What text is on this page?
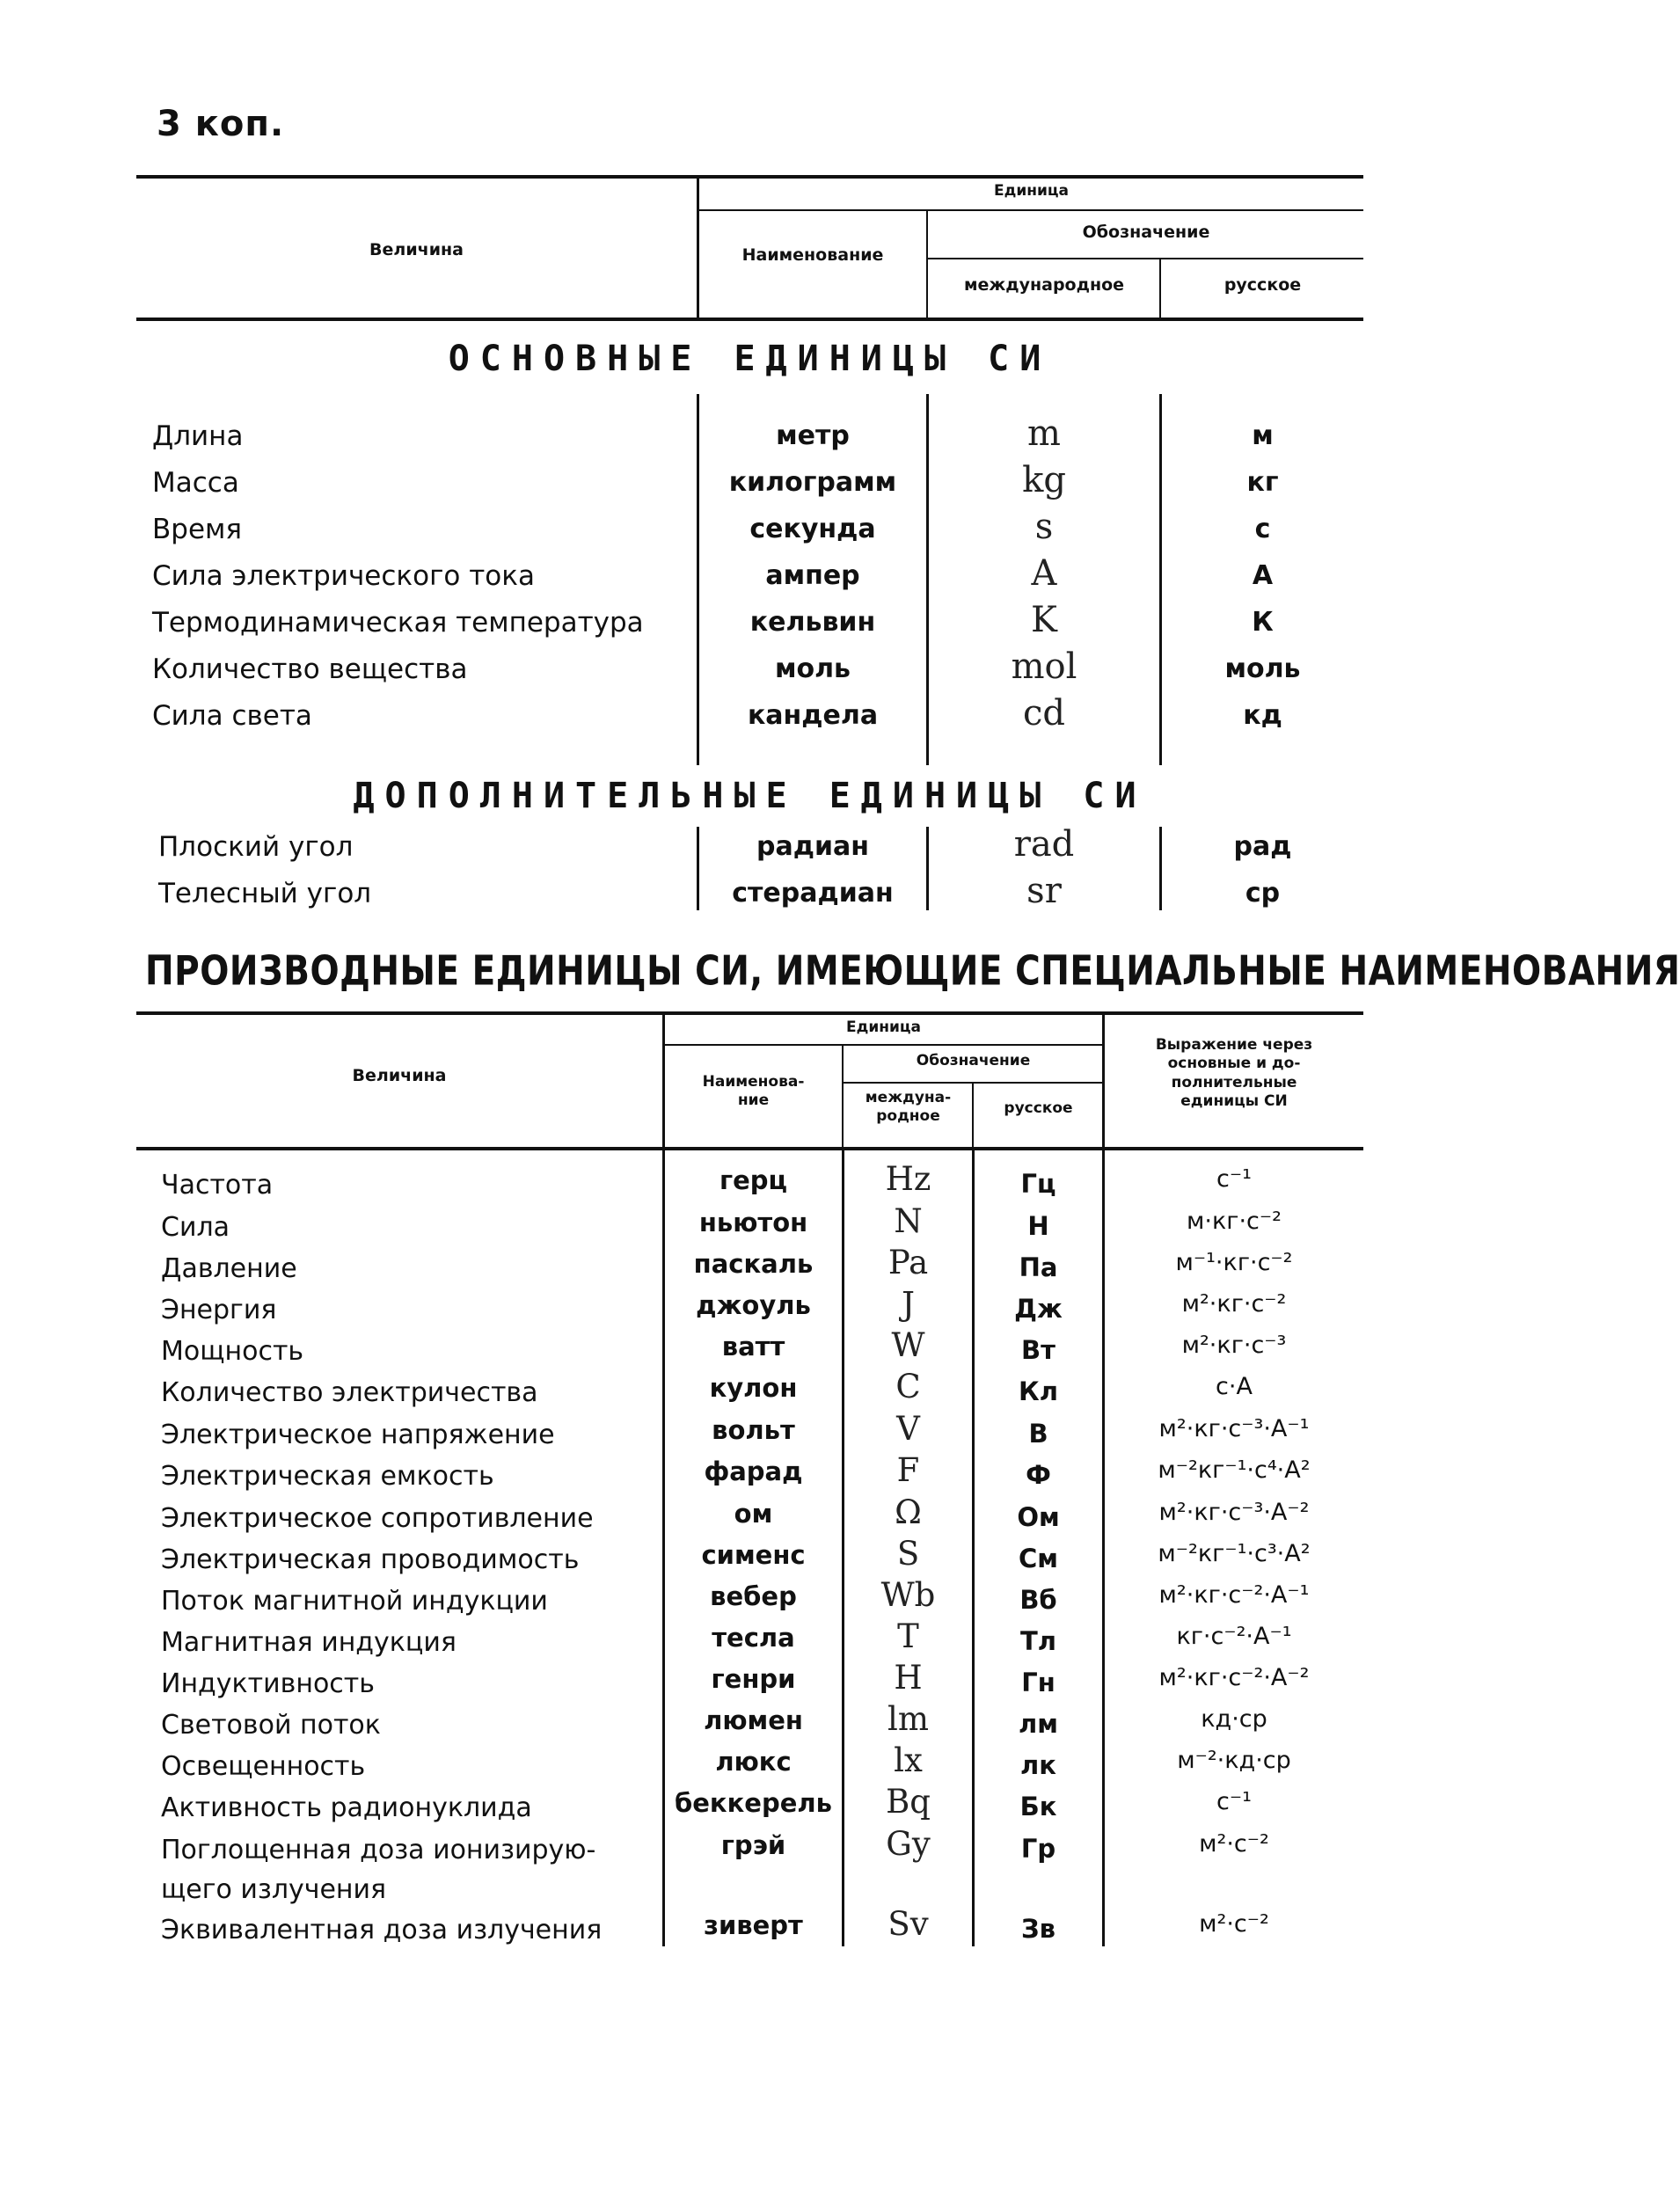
3 коп.
Величина
Единица
Наименование
Обозначение
международное	русское
ОСНОВНЫЕ ЕДИНИЦЫ СИ
Длина	метр	m	м
Масса	килограмм	kg	кг
Время	секунда	s	с
Сила электрического тока	ампер	A	А
Термодинамическая температура	кельвин	K	К
Количество вещества	моль	mol	моль
Сила света	кандела	cd	кд
ДОПОЛНИТЕЛЬНЫЕ ЕДИНИЦЫ СИ
Плоский угол	радиан	rad	рад
Телесный угол	стерадиан	sr	ср
ПРОИЗВОДНЫЕ ЕДИНИЦЫ СИ, ИМЕЮЩИЕ СПЕЦИАЛЬНЫЕ НАИМЕНОВАНИЯ
Величина
Единица
Наименова-
ние
Обозначение
междуна-
родное	русское
Выражение через
основные и до-
полнительные
единицы СИ
Частота	герц	Hz	Гц	с⁻¹
Сила	ньютон	N	Н	м·кг·с⁻²
Давление	паскаль	Pa	Па	м⁻¹·кг·с⁻²
Энергия	джоуль	J	Дж	м²·кг·с⁻²
Мощность	ватт	W	Вт	м²·кг·с⁻³
Количество электричества	кулон	C	Кл	с·А
Электрическое напряжение	вольт	V	В	м²·кг·с⁻³·А⁻¹
Электрическая емкость	фарад	F	Ф	м⁻²кг⁻¹·с⁴·А²
Электрическое сопротивление	ом	Ω	Ом	м²·кг·с⁻³·А⁻²
Электрическая проводимость	сименс	S	См	м⁻²кг⁻¹·с³·А²
Поток магнитной индукции	вебер	Wb	Вб	м²·кг·с⁻²·А⁻¹
Магнитная индукция	тесла	T	Тл	кг·с⁻²·А⁻¹
Индуктивность	генри	H	Гн	м²·кг·с⁻²·А⁻²
Световой поток	люмен	lm	лм	кд·ср
Освещенность	люкс	lx	лк	м⁻²·кд·ср
Активность радионуклида	беккерель	Bq	Бк	с⁻¹
Поглощенная доза ионизирую-
щего излучения
грэй	Gy	Гр	м²·с⁻²
Эквивалентная доза излучения	зиверт	Sv	Зв	м²·с⁻²
